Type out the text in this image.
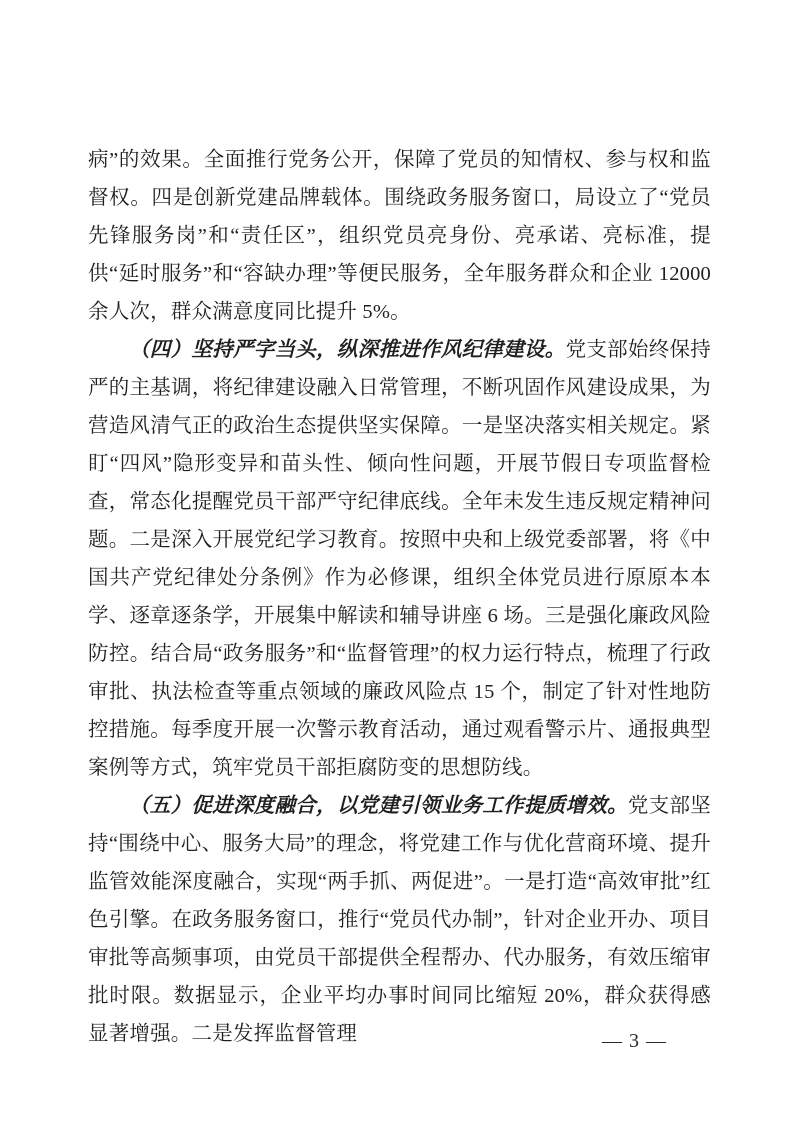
病”的效果。全面推行党务公开，保障了党员的知情权、参与权和监督权。四是创新党建品牌载体。围绕政务服务窗口，局设立了“党员先锋服务岗”和“责任区”，组织党员亮身份、亮承诺、亮标准，提供“延时服务”和“容缺办理”等便民服务，全年服务群众和企业 12000 余人次，群众满意度同比提升 5%。

（四）坚持严字当头，纵深推进作风纪律建设。党支部始终保持严的主基调，将纪律建设融入日常管理，不断巩固作风建设成果，为营造风清气正的政治生态提供坚实保障。一是坚决落实相关规定。紧盯“四风”隐形变异和苗头性、倾向性问题，开展节假日专项监督检查，常态化提醒党员干部严守纪律底线。全年未发生违反规定精神问题。二是深入开展党纪学习教育。按照中央和上级党委部署，将《中国共产党纪律处分条例》作为必修课，组织全体党员进行原原本本学、逐章逐条学，开展集中解读和辅导讲座 6 场。三是强化廉政风险防控。结合局“政务服务”和“监督管理”的权力运行特点，梳理了行政审批、执法检查等重点领域的廉政风险点 15 个，制定了针对性地防控措施。每季度开展一次警示教育活动，通过观看警示片、通报典型案例等方式，筑牢党员干部拒腐防变的思想防线。

（五）促进深度融合，以党建引领业务工作提质增效。党支部坚持“围绕中心、服务大局”的理念，将党建工作与优化营商环境、提升监管效能深度融合，实现“两手抓、两促进”。一是打造“高效审批”红色引擎。在政务服务窗口，推行“党员代办制”，针对企业开办、项目审批等高频事项，由党员干部提供全程帮办、代办服务，有效压缩审批时限。数据显示，企业平均办事时间同比缩短 20%，群众获得感显著增强。二是发挥监督管理	— 3 —
